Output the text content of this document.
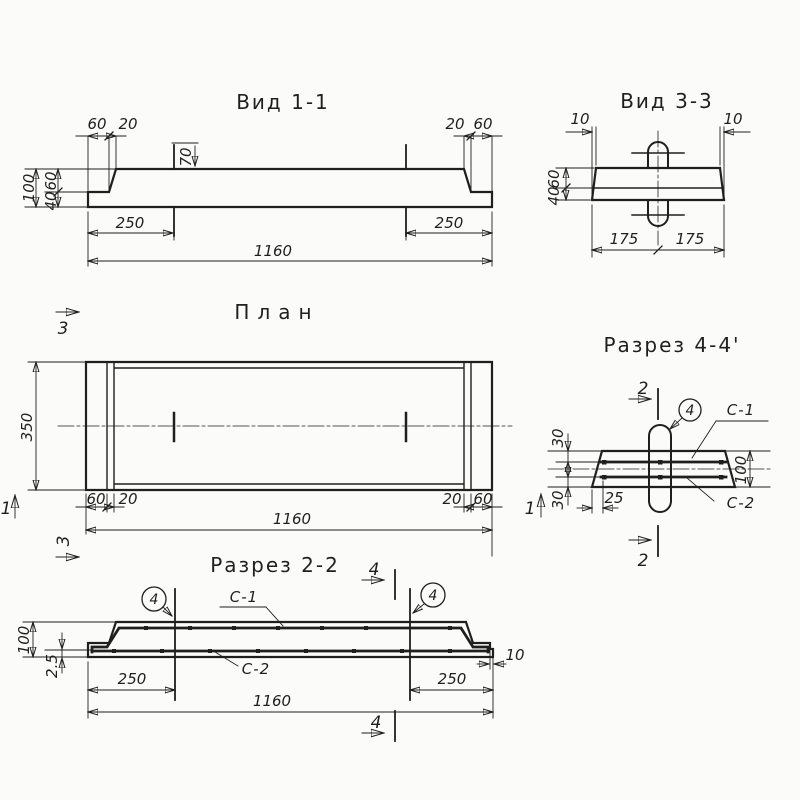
Вид 1-1
60 20	20 60
70
100 60
40
250	250
1160
Вид 3-3
10	10
60
40
175 175
План
3
3
1	1
350
60 20	20 60
1160
Разрез 4-4'
2
2
30
30 25
100
4 С-1
С-2
Разрез 2-2 4
4
100
2.5
250	250
1160
10
4	4
С-1
С-2
